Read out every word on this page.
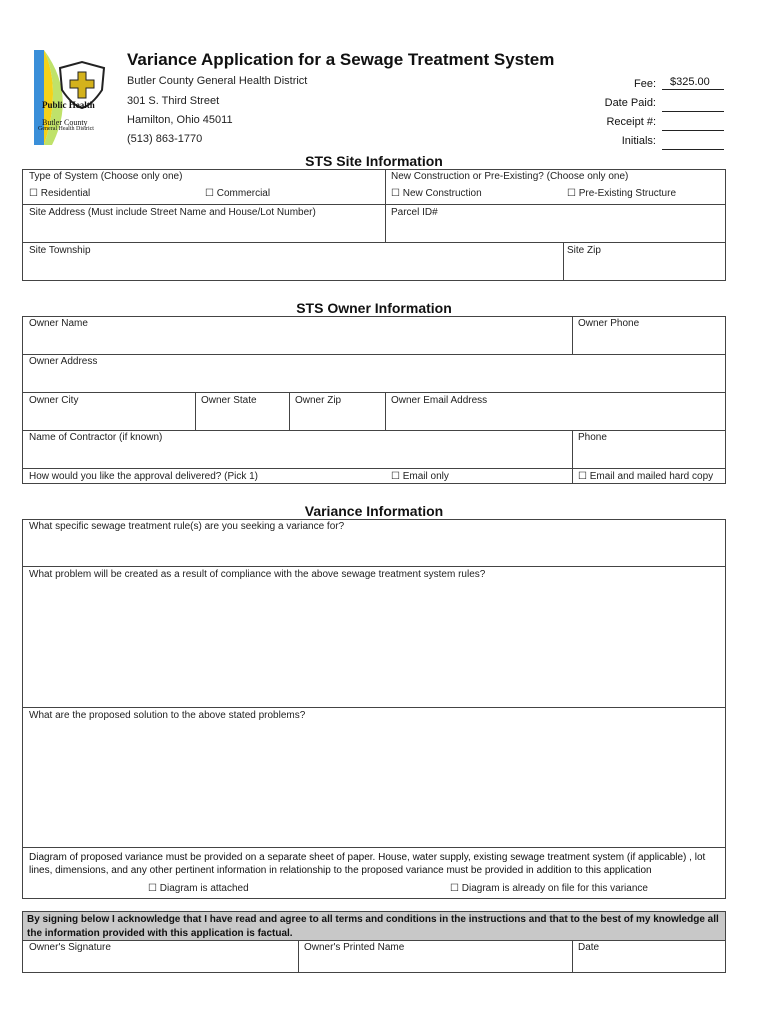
Public Health
Butler County
General Health District
Variance Application for a Sewage Treatment System
Butler County General Health District
301 S. Third Street
Hamilton, Ohio 45011
(513) 863-1770
Fee:	$325.00
Date Paid:
Receipt #:
Initials:
STS Site Information
Type of System (Choose only one)
☐ Residential	☐ Commercial
New Construction or Pre-Existing? (Choose only one)
☐ New Construction	☐ Pre-Existing Structure
Site Address (Must include Street Name and House/Lot Number)	Parcel ID#
Site Township	Site Zip
STS Owner Information
Owner Name	Owner Phone
Owner Address
Owner City	Owner State	Owner Zip	Owner Email Address
Name of Contractor (if known)	Phone
How would you like the approval delivered? (Pick 1)	☐ Email only	☐ Email and mailed hard copy
Variance Information
What specific sewage treatment rule(s) are you seeking a variance for?
What problem will be created as a result of compliance with the above sewage treatment system rules?
What are the proposed solution to the above stated problems?
Diagram of proposed variance must be provided on a separate sheet of paper. House, water supply, existing sewage treatment system (if applicable) , lot lines, dimensions, and any other pertinent information in relationship to the proposed variance must be provided in addition to this application
☐ Diagram is attached	☐ Diagram is already on file for this variance
By signing below I acknowledge that I have read and agree to all terms and conditions in the instructions and that to the best of my knowledge all the information provided with this application is factual.
Owner's Signature	Owner's Printed Name	Date
